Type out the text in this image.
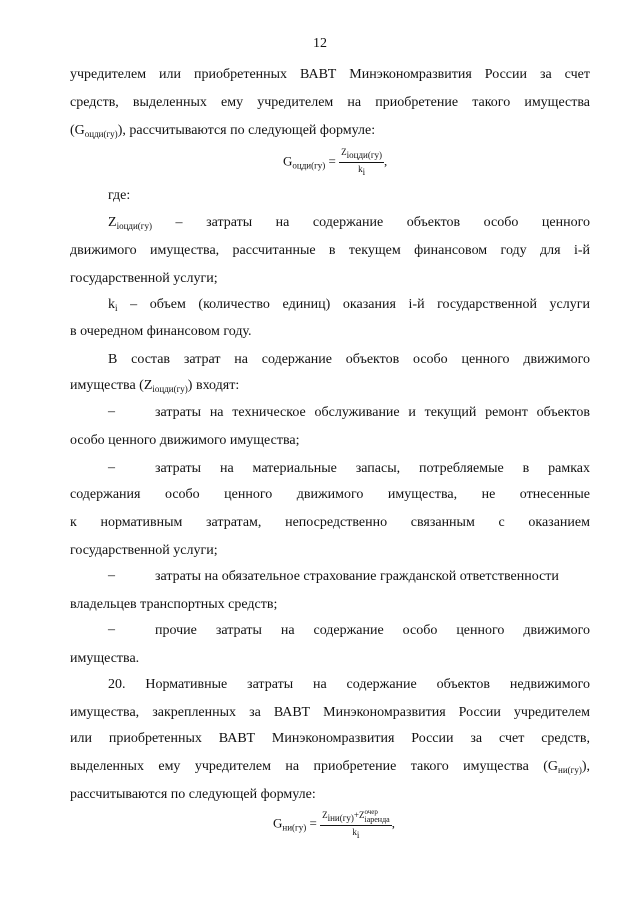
12
учредителем или приобретенных ВАВТ Минэкономразвития России за счет
средств, выделенных ему учредителем на приобретение такого имущества
$(G_{оцди(гу)})$, рассчитываются по следующей формуле:
$G_{оцди(гу)} = \frac{Z_{iоцди(гу)}}{k_i}$ ,
где:
$Z_{iоцди(гу)}$ – затраты на содержание объектов особо ценного
движимого имущества, рассчитанные в текущем финансовом году для i-й
государственной услуги;
$k_i$ – объем (количество единиц) оказания i-й государственной услуги
в очередном финансовом году.
В состав затрат на содержание объектов особо ценного движимого
имущества $(Z_{iоцди(гу)})$ входят:
–	затраты на техническое обслуживание и текущий ремонт объектов
особо ценного движимого имущества;
–	затраты на материальные запасы, потребляемые в рамках
содержания особо ценного движимого имущества, не отнесенные
к нормативным затратам, непосредственно связанным с оказанием
государственной услуги;
–	затраты на обязательное страхование гражданской ответственности
владельцев транспортных средств;
–	прочие затраты на содержание особо ценного движимого
имущества.
20. Нормативные затраты на содержание объектов недвижимого
имущества, закрепленных за ВАВТ Минэкономразвития России учредителем
или приобретенных ВАВТ Минэкономразвития России за счет средств,
выделенных ему учредителем на приобретение такого имущества $(G_{ни(гу)})$,
рассчитываются по следующей формуле:
$G_{ни(гу)} = Z_{iни(гу)}+Z$ очер
iаренда
$k_i$ ,
